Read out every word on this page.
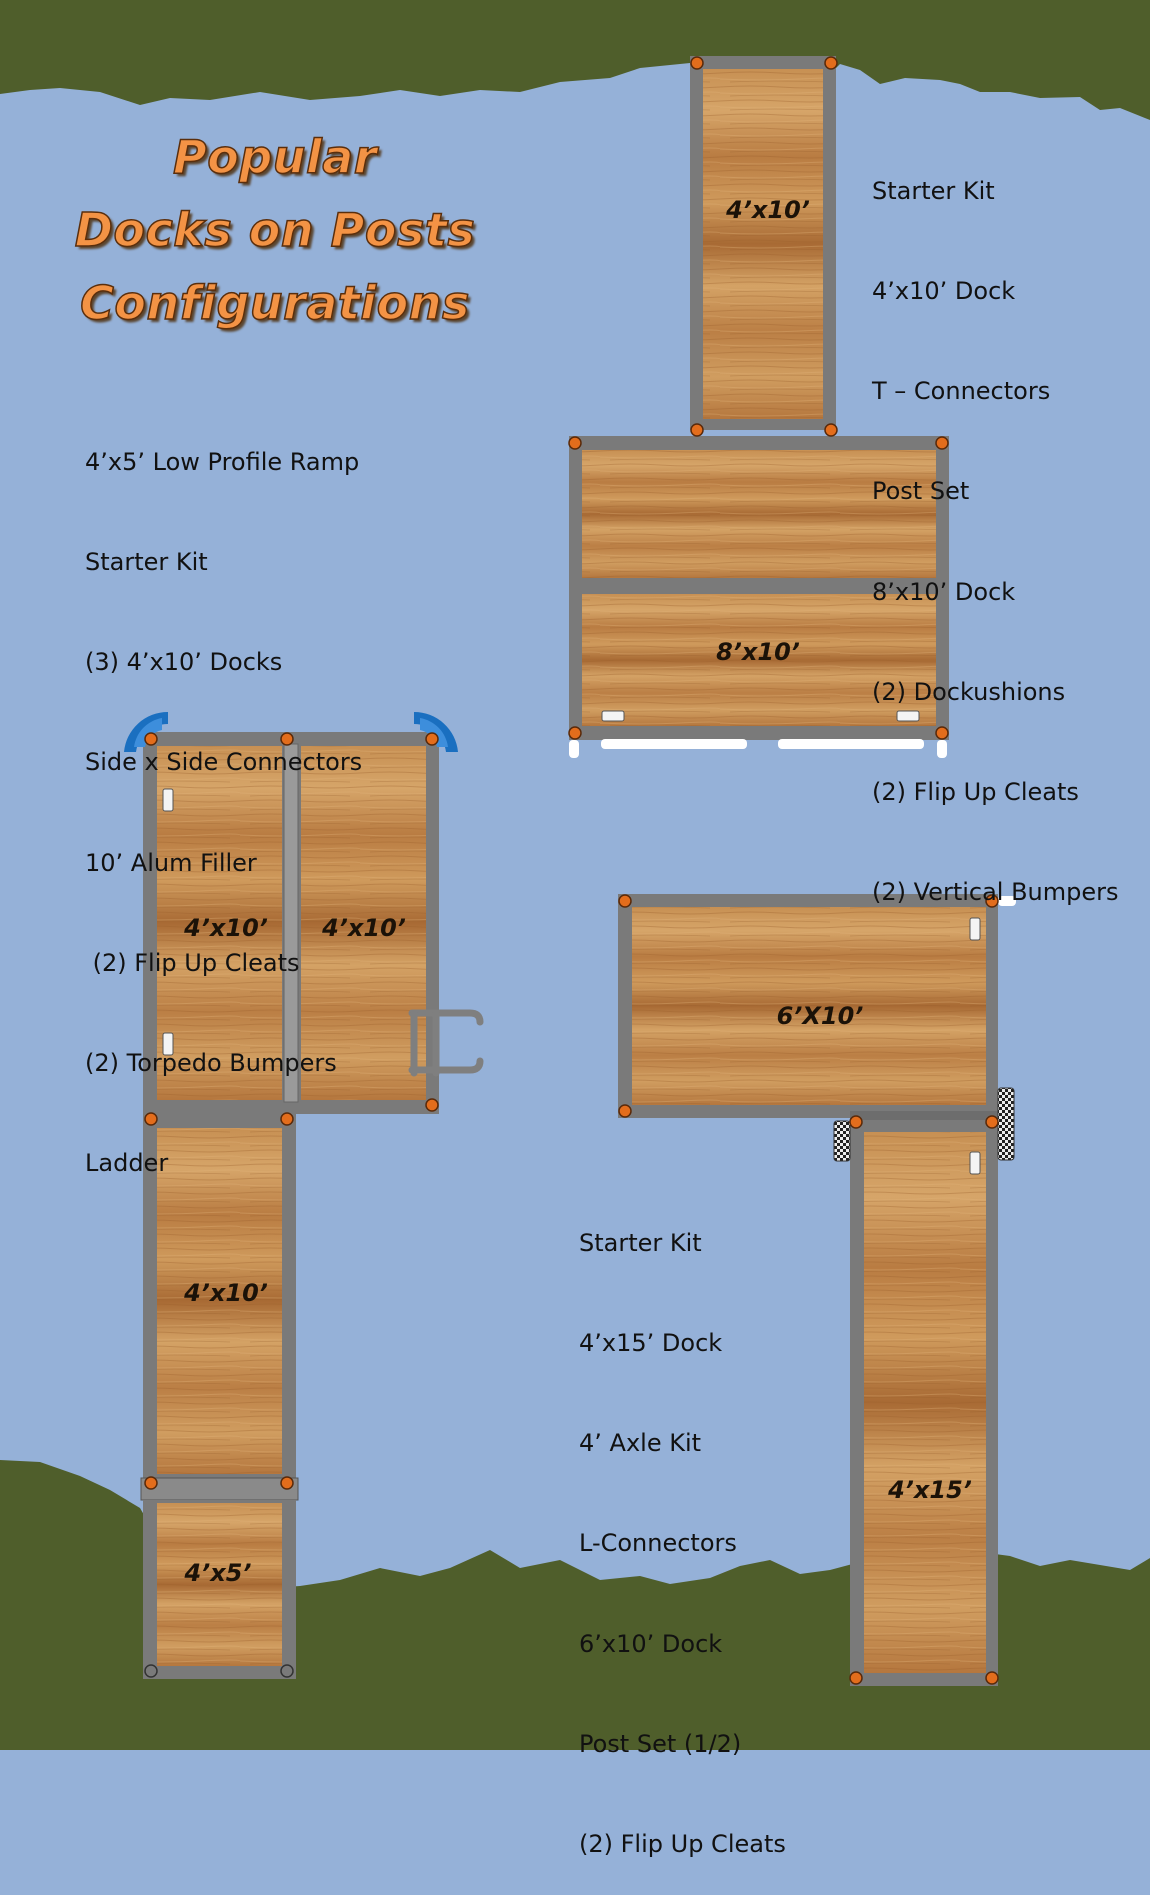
4’x10’
8’x10’
4’x10’ 4’x10’
4’x10’
4’x5’
6’X10’
4’x15’
Popular
Docks on Posts
Configurations

Starter Kit

4’x10’ Dock

T – Connectors

Post Set

8’x10’ Dock

(2) Dockushions

(2) Flip Up Cleats

(2) Vertical Bumpers

4’x5’ Low Profile Ramp

Starter Kit

(3) 4’x10’ Docks

Side x Side Connectors

10’ Alum Filler

(2) Flip Up Cleats

(2) Torpedo Bumpers

Ladder

Starter Kit

4’x15’ Dock

4’ Axle Kit

L-Connectors

6’x10’ Dock

Post Set (1/2)

(2) Flip Up Cleats
